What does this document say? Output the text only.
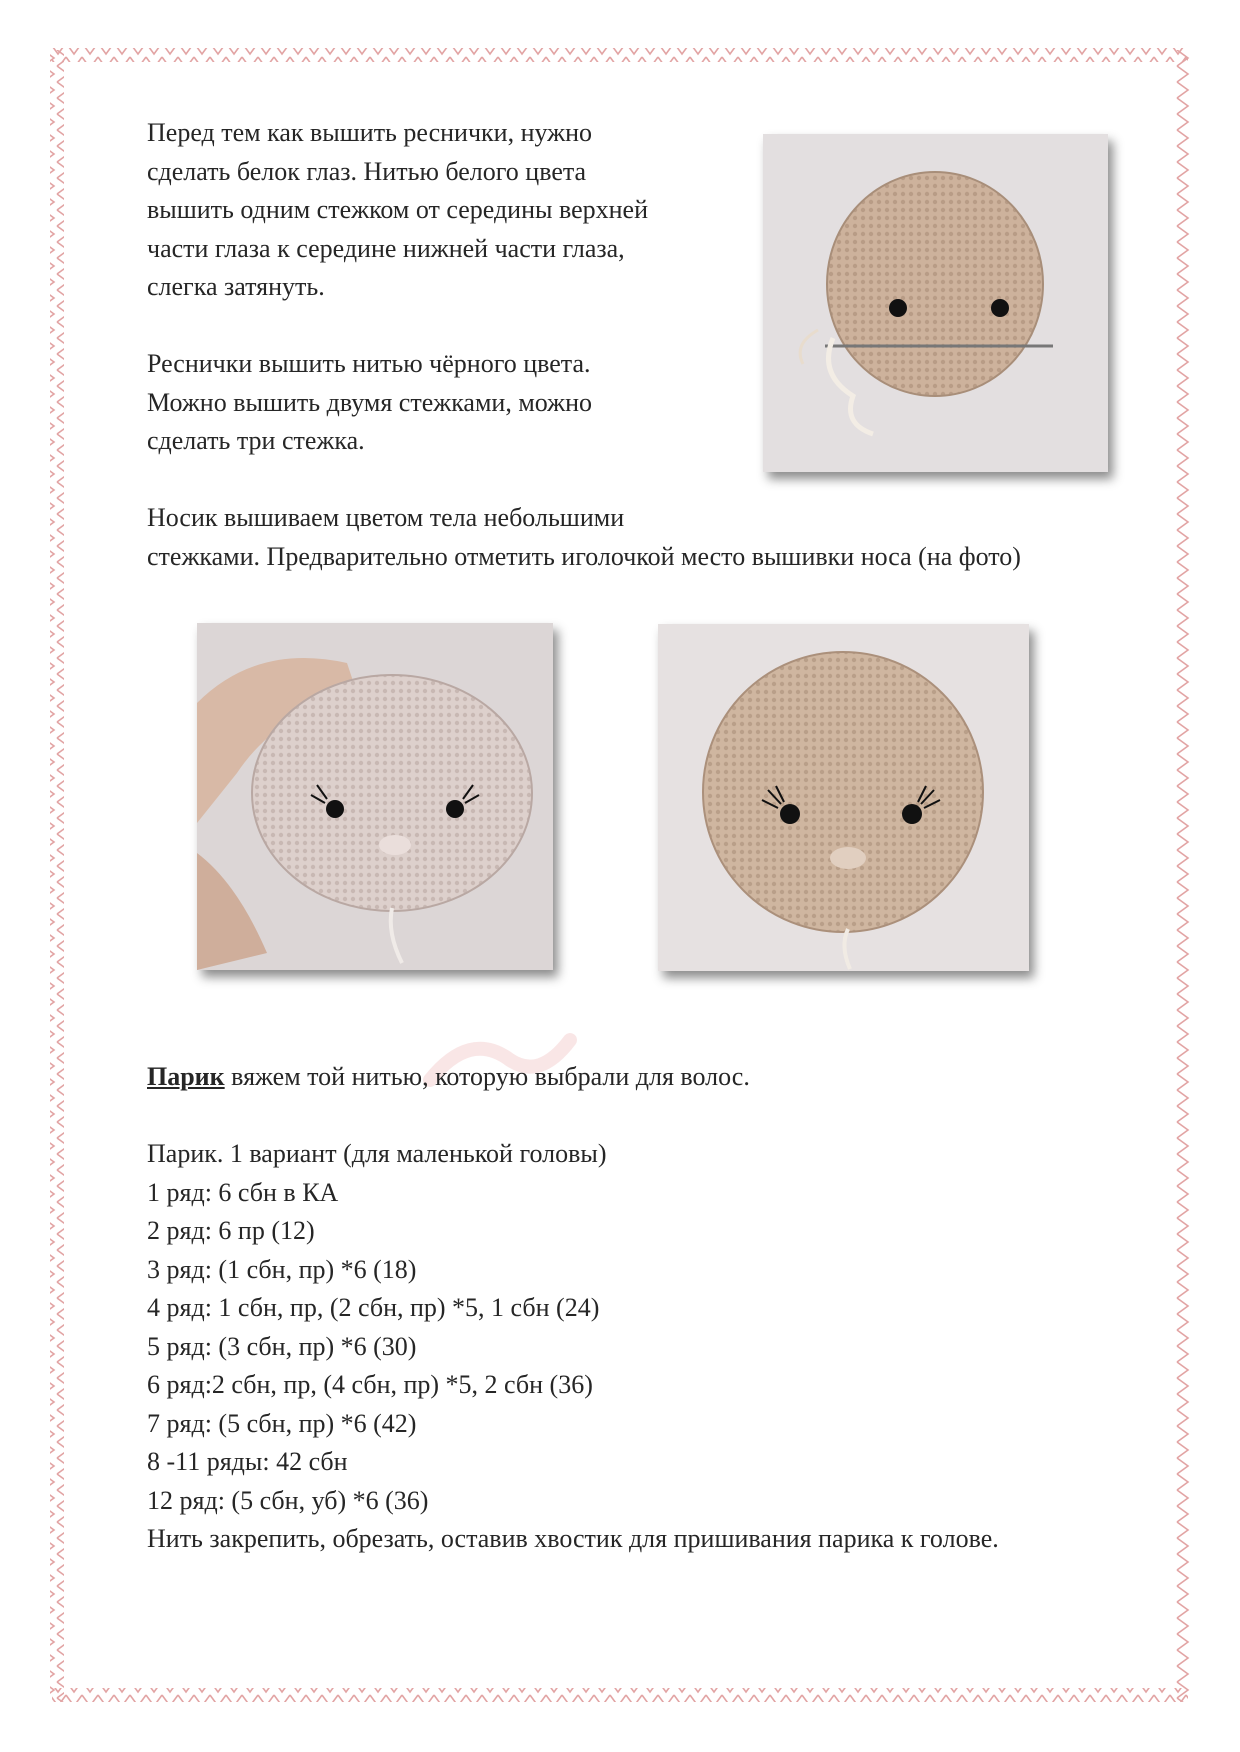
Перед тем как вышить реснички, нужно

сделать белок глаз. Нитью белого цвета

вышить одним стежком от середины верхней

части глаза к середине нижней части глаза,

слегка затянуть.

Реснички вышить нитью чёрного цвета.

Можно вышить двумя стежками, можно

сделать три стежка.

Носик вышиваем цветом тела небольшими

стежками. Предварительно отметить иголочкой место вышивки носа (на фото)

Парик вяжем той нитью, которую выбрали для волос.

Парик. 1 вариант (для маленькой головы)

1 ряд: 6 сбн в КА

2 ряд: 6 пр (12)

3 ряд: (1 сбн, пр) *6 (18)

4 ряд: 1 сбн, пр, (2 сбн, пр) *5, 1 сбн (24)

5 ряд: (3 сбн, пр) *6 (30)

6 ряд:2 сбн, пр, (4 сбн, пр) *5, 2 сбн (36)

7 ряд: (5 сбн, пр) *6 (42)

8 -11 ряды: 42 сбн

12 ряд: (5 сбн, уб) *6 (36)

Нить закрепить, обрезать, оставив хвостик для пришивания парика к голове.
